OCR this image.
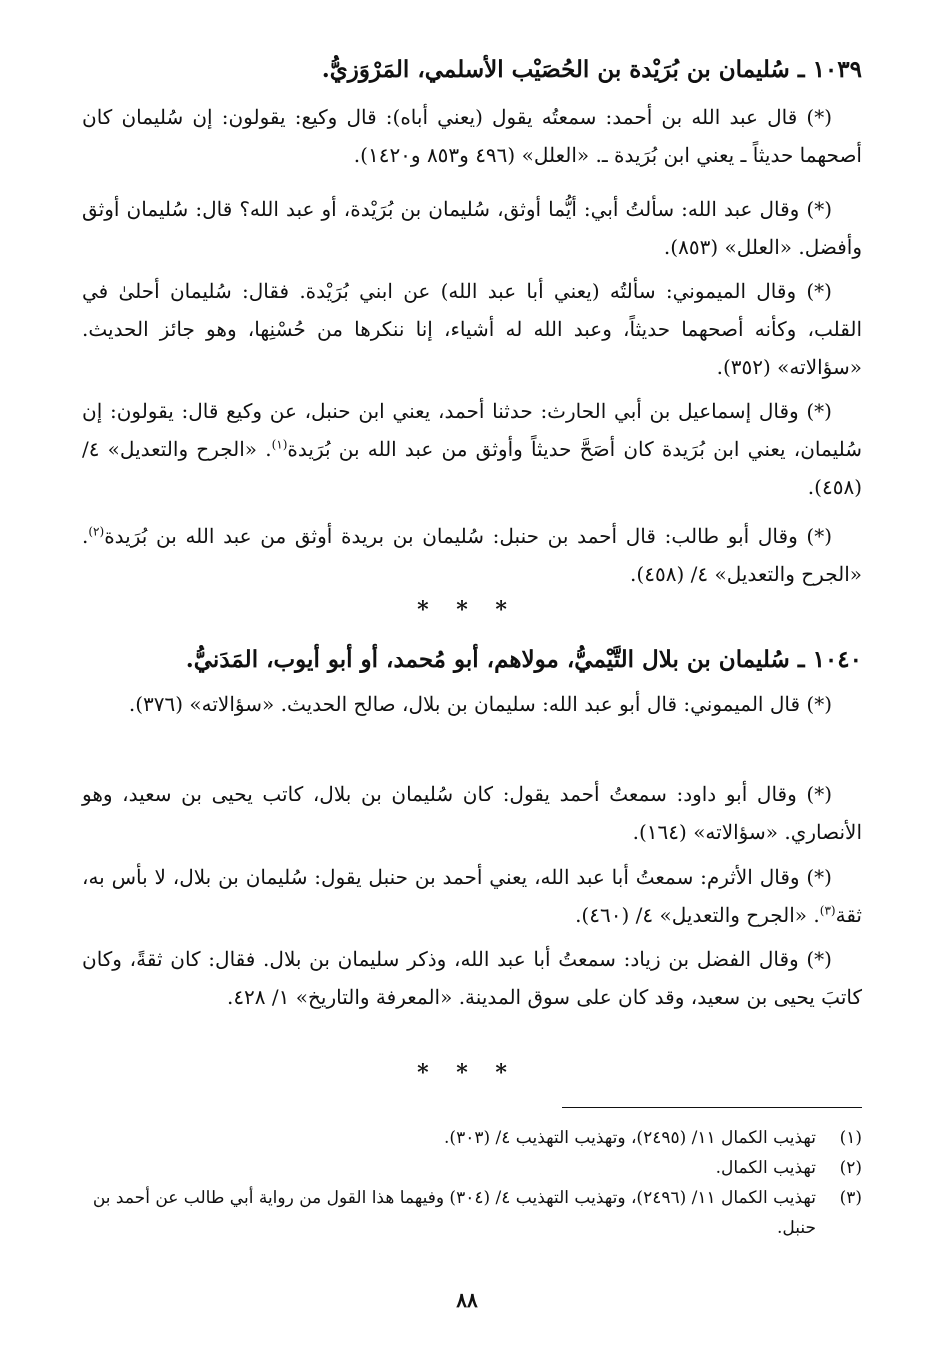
١٠٣٩ ـ سُليمان بن بُرَيْدة بن الحُصَيْب الأسلمي، المَرْوَزيُّ.

(*) قال عبد الله بن أحمد: سمعتُه يقول (يعني أباه): قال وكيع: يقولون: إن سُليمان كان أصحهما حديثاً ـ يعني ابن بُرَيدة ـ. «العلل» (٤٩٦ و٨٥٣ و١٤٢٠).

(*) وقال عبد الله: سألتُ أبي: أيُّما أوثق، سُليمان بن بُرَيْدة، أو عبد الله؟ قال: سُليمان أوثق وأفضل. «العلل» (٨٥٣).

(*) وقال الميموني: سألتُه (يعني أبا عبد الله) عن ابني بُرَيْدة. فقال: سُليمان أحلىٰ في القلب، وكأنه أصحهما حديثاً، وعبد الله له أشياء، إنا ننكرها من حُسْنِها، وهو جائز الحديث. «سؤالاته» (٣٥٢).

(*) وقال إسماعيل بن أبي الحارث: حدثنا أحمد، يعني ابن حنبل، عن وكيع قال: يقولون: إن سُليمان، يعني ابن بُرَيدة كان أصَحَّ حديثاً وأوثق من عبد الله بن بُرَيدة$^{(١)}$. «الجرح والتعديل» ٤/ (٤٥٨).

(*) وقال أبو طالب: قال أحمد بن حنبل: سُليمان بن بريدة أوثق من عبد الله بن بُرَيدة$^{(٢)}$. «الجرح والتعديل» ٤/ (٤٥٨).

* * *
١٠٤٠ ـ سُليمان بن بلال التَّيْميُّ، مولاهم، أبو مُحمد، أو أبو أيوب، المَدَنيُّ.

(*) قال الميموني: قال أبو عبد الله: سليمان بن بلال، صالح الحديث. «سؤالاته» (٣٧٦).

(*) وقال أبو داود: سمعتُ أحمد يقول: كان سُليمان بن بلال، كاتب يحيى بن سعيد، وهو الأنصاري. «سؤالاته» (١٦٤).

(*) وقال الأثرم: سمعتُ أبا عبد الله، يعني أحمد بن حنبل يقول: سُليمان بن بلال، لا بأس به، ثقة$^{(٣)}$. «الجرح والتعديل» ٤/ (٤٦٠).

(*) وقال الفضل بن زياد: سمعتُ أبا عبد الله، وذكر سليمان بن بلال. فقال: كان ثقةً، وكان كاتبَ يحيى بن سعيد، وقد كان على سوق المدينة. «المعرفة والتاريخ» ١/ ٤٢٨.

* * *
(١)
تهذيب الكمال ١١/ (٢٤٩٥)، وتهذيب التهذيب ٤/ (٣٠٣).
(٢)
تهذيب الكمال.
(٣)
تهذيب الكمال ١١/ (٢٤٩٦)، وتهذيب التهذيب ٤/ (٣٠٤) وفيهما هذا القول من رواية أبي طالب عن أحمد بن حنبل.
٨٨
